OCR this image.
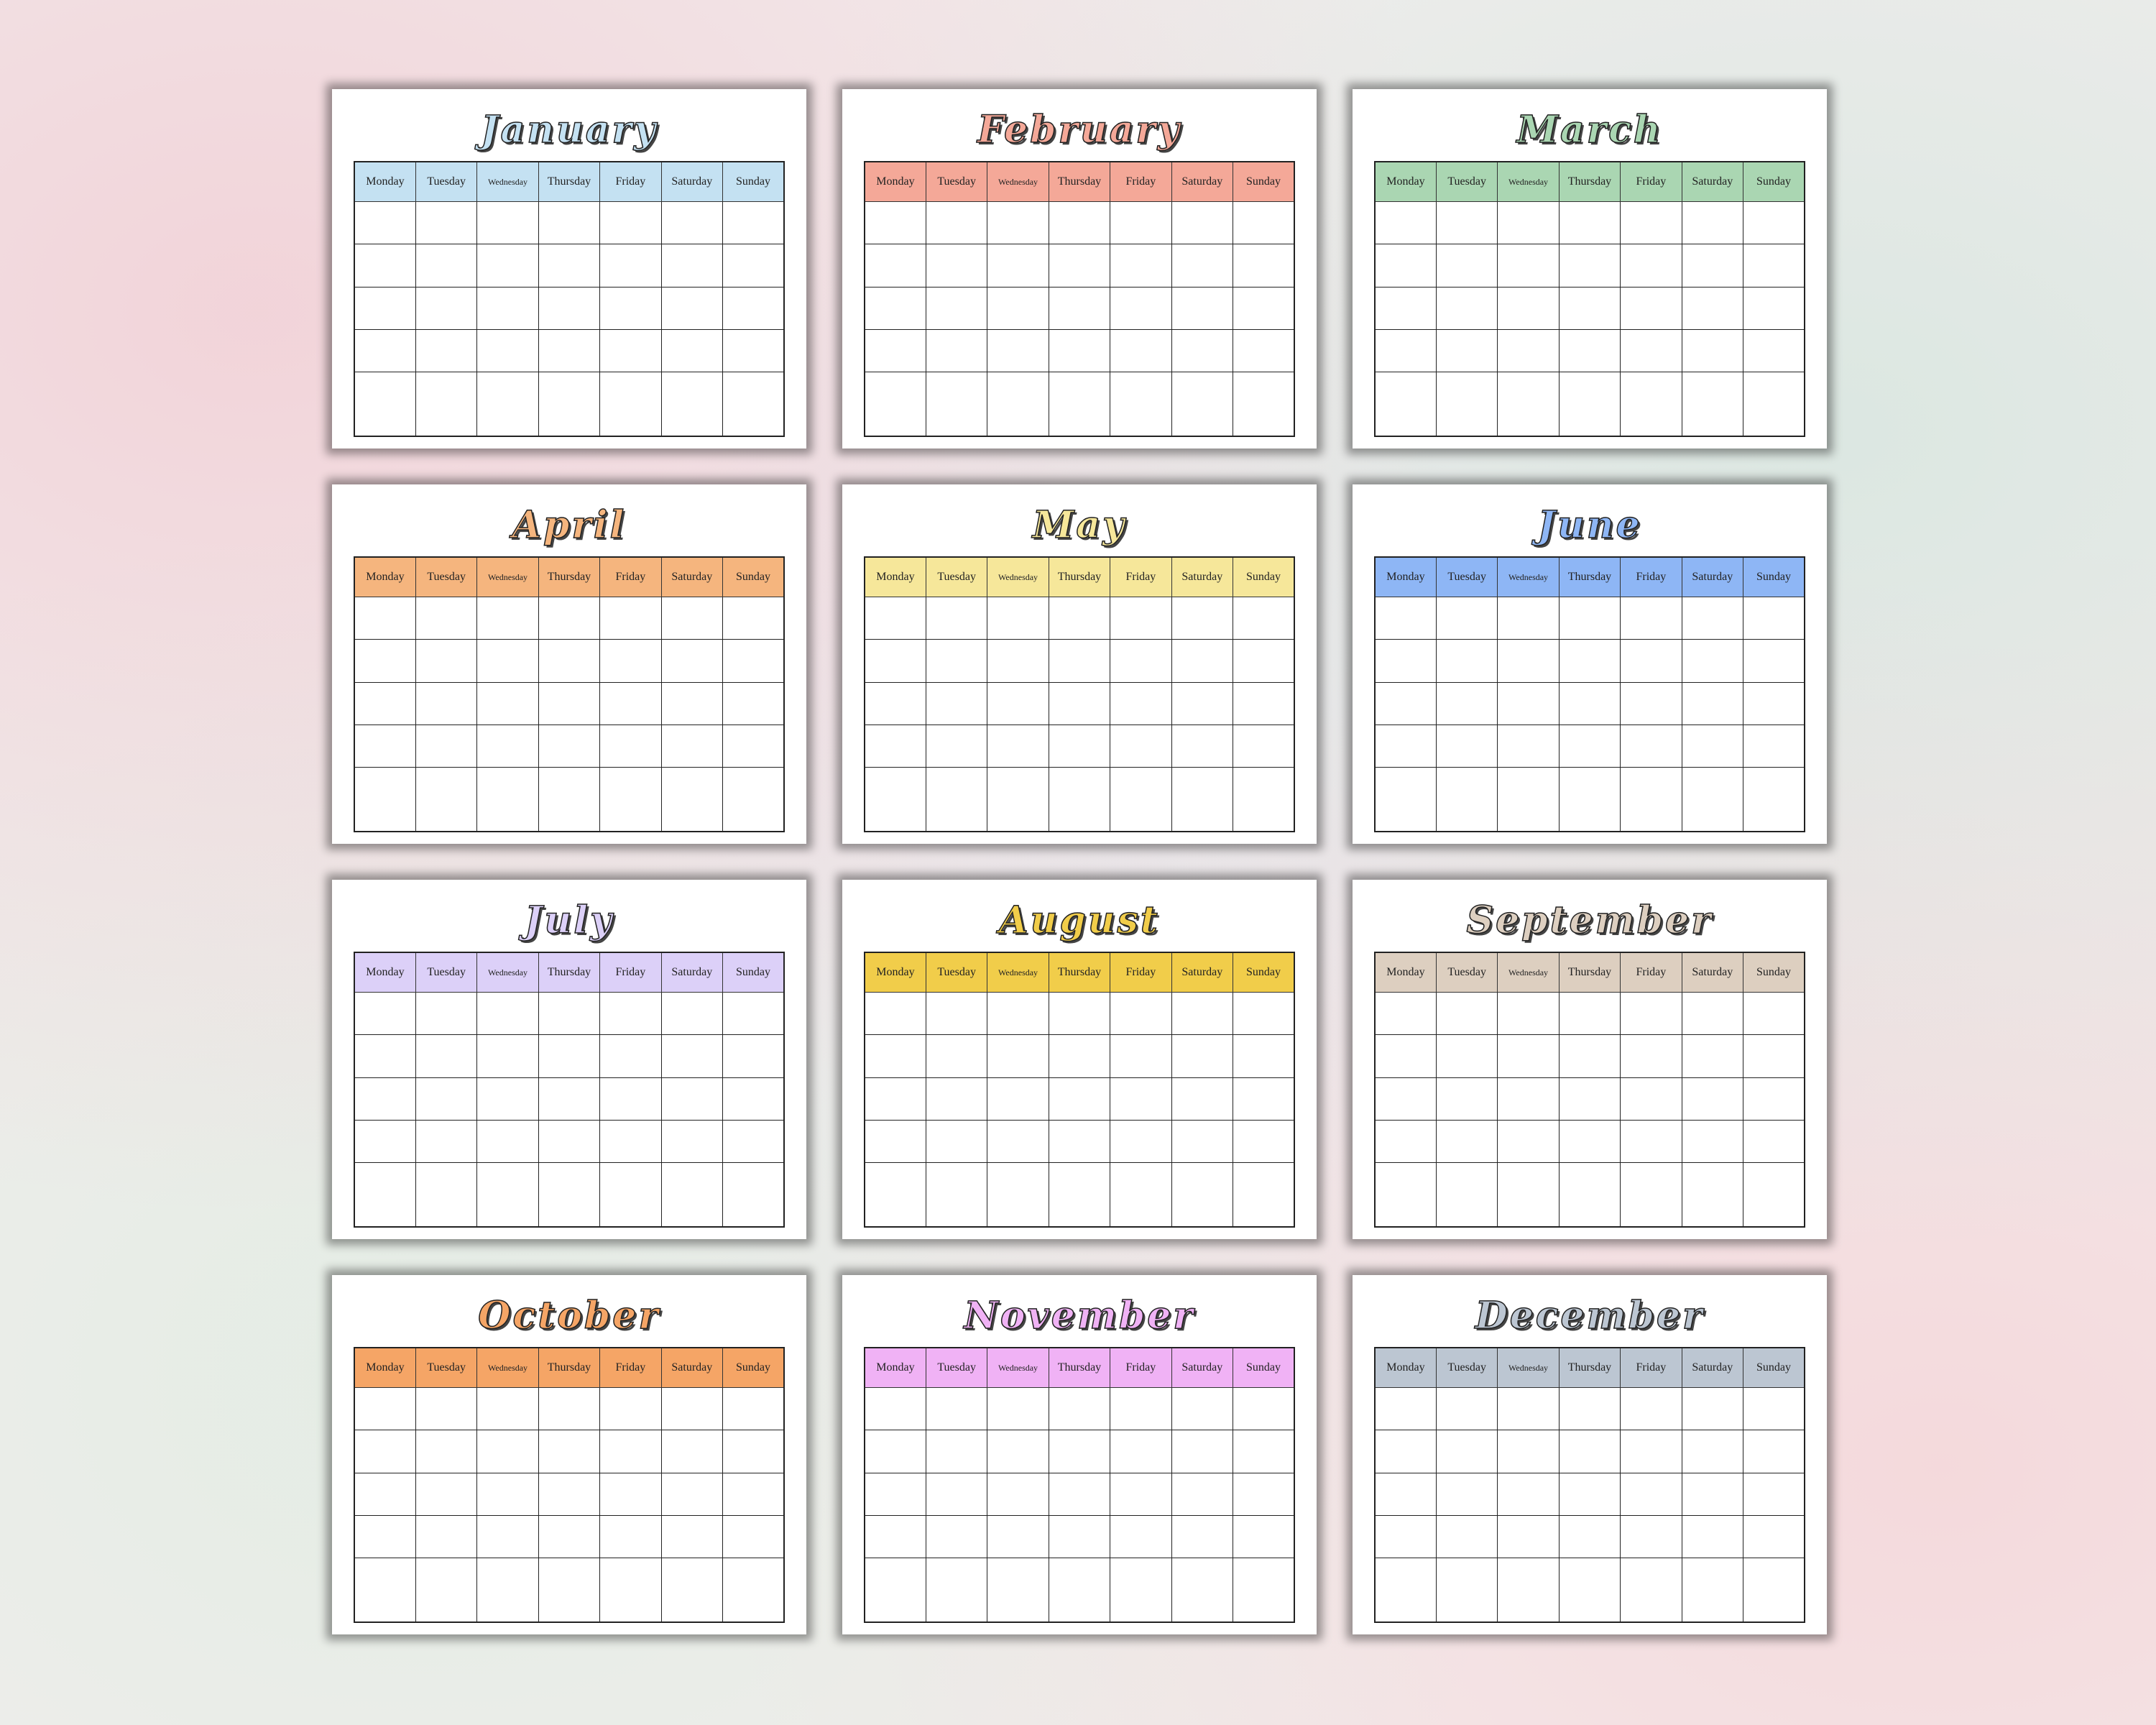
January
Monday	Tuesday	Wednesday	Thursday	Friday	Saturday	Sunday

February
Monday	Tuesday	Wednesday	Thursday	Friday	Saturday	Sunday

March
Monday	Tuesday	Wednesday	Thursday	Friday	Saturday	Sunday

April
Monday	Tuesday	Wednesday	Thursday	Friday	Saturday	Sunday

May
Monday	Tuesday	Wednesday	Thursday	Friday	Saturday	Sunday

June
Monday	Tuesday	Wednesday	Thursday	Friday	Saturday	Sunday

July
Monday	Tuesday	Wednesday	Thursday	Friday	Saturday	Sunday

August
Monday	Tuesday	Wednesday	Thursday	Friday	Saturday	Sunday

September
Monday	Tuesday	Wednesday	Thursday	Friday	Saturday	Sunday

October
Monday	Tuesday	Wednesday	Thursday	Friday	Saturday	Sunday

November
Monday	Tuesday	Wednesday	Thursday	Friday	Saturday	Sunday

December
Monday	Tuesday	Wednesday	Thursday	Friday	Saturday	Sunday
